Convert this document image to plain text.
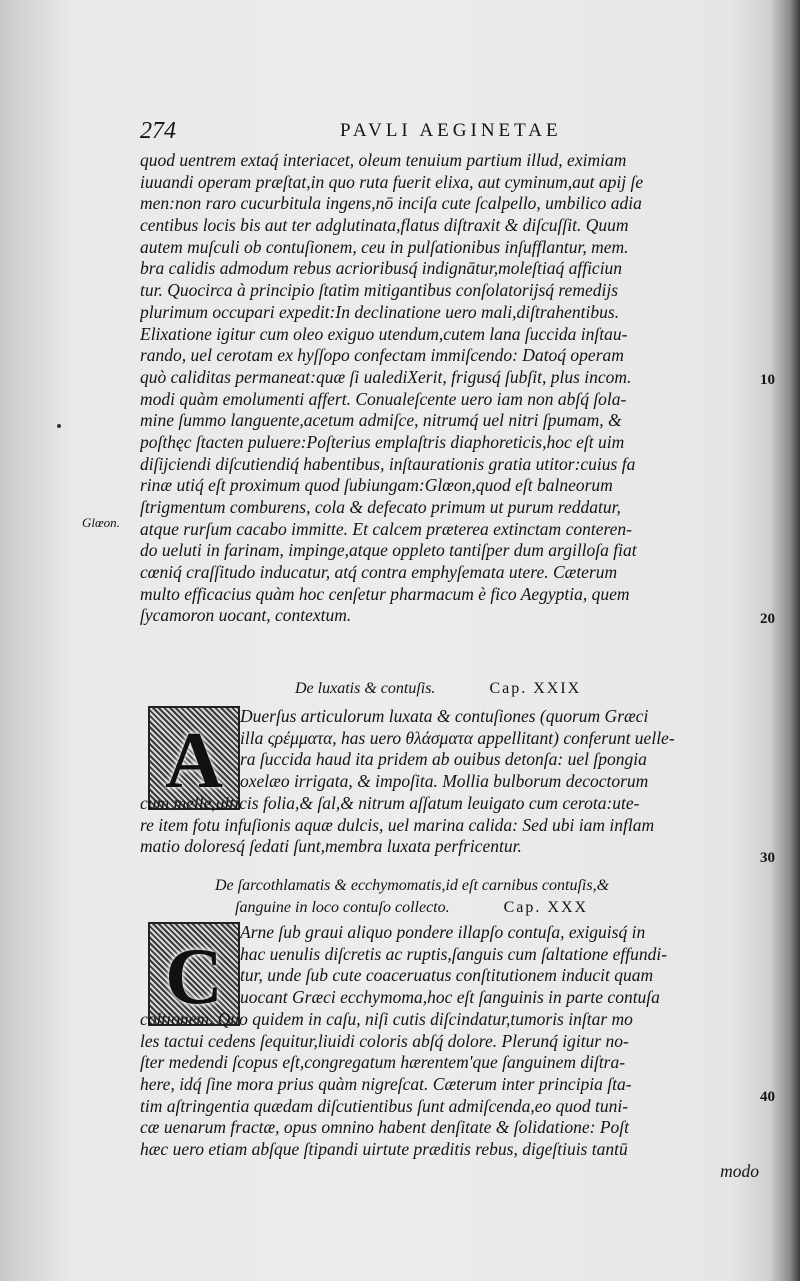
274	PAVLI AEGINETAE
Glœon.
10
20
30
40
quod uentrem extaq́ interiacet, oleum tenuium partium illud, eximiam
iuuandi operam præſtat,in quo ruta fuerit elixa, aut cyminum,aut apij ſe
men:non raro cucurbitula ingens,nō inciſa cute ſcalpello, umbilico adia
centibus locis bis aut ter adglutinata,flatus diſtraxit & diſcuſſit. Quum
autem muſculi ob contuſionem, ceu in pulſationibus inſufflantur, mem.
bra calidis admodum rebus acrioribusq́ indignātur,moleſtiaq́ afficiun
tur. Quocirca à principio ſtatim mitigantibus conſolatorijsq́ remedijs
plurimum occupari expedit:In declinatione uero mali,diſtrahentibus.
Elixatione igitur cum oleo exiguo utendum,cutem lana ſuccida inſtau-
rando, uel cerotam ex hyſſopo confectam immiſcendo: Datoq́ operam
quò caliditas permaneat:quæ ſi ualediXerit, frigusq́ ſubſit, plus incom.
modi quàm emolumenti affert. Conualeſcente uero iam non abſq́ ſola-
mine ſummo languente,acetum admiſce, nitrumq́ uel nitri ſpumam, &
poſthęc ſtacten puluere:Poſterius emplaſtris diaphoreticis,hoc eſt uim
diſijciendi diſcutiendiq́ habentibus, inſtaurationis gratia utitor:cuius fa
rinæ utiq́ eſt proximum quod ſubiungam:Glœon,quod eſt balneorum
ſtrigmentum comburens, cola & defecato primum ut purum reddatur,
atque rurſum cacabo immitte. Et calcem præterea extinctam conteren-
do ueluti in farinam, impinge,atque oppleto tantiſper dum argilloſa fiat
cœniq́ craſſitudo inducatur, atq́ contra emphyſemata utere. Cæterum
multo efficacius quàm hoc cenſetur pharmacum è fico Aegyptia, quem
ſycamoron uocant, contextum.
De luxatis & contuſis.	Cap. XXIX
A
Duerſus articulorum luxata & contuſiones (quorum Græci
illa ςρέμματα, has uero θλάσματα appellitant) conferunt uelle-
ra ſuccida haud ita pridem ab ouibus detonſa: uel ſpongia
oxelæo irrigata, & impoſita. Mollia bulborum decoctorum
cum melle,uiticis folia,& ſal,& nitrum aſſatum leuigato cum cerota:ute-
re item fotu infuſionis aquæ dulcis, uel marina calida: Sed ubi iam inflam
matio doloresq́ ſedati ſunt,membra luxata perfricentur.
De ſarcothlamatis & ecchymomatis,id eſt carnibus contuſis,&
ſanguine in loco contuſo collecto.	Cap. XXX
C
Arne ſub graui aliquo pondere illapſo contuſa, exiguisq́ in
hac uenulis diſcretis ac ruptis,ſanguis cum ſaltatione effundi-
tur, unde ſub cute coaceruatus conſtitutionem inducit quam
uocant Græci ecchymoma,hoc eſt ſanguinis in parte contuſa
coitionem. Quo quidem in caſu, niſi cutis diſcindatur,tumoris inſtar mo
les tactui cedens ſequitur,liuidi coloris abſq́ dolore. Plerunq́ igitur no-
ſter medendi ſcopus eſt,congregatum hærentem'que ſanguinem diſtra-
here, idq́ ſine mora prius quàm nigreſcat. Cæterum inter principia ſta-
tim aſtringentia quædam diſcutientibus ſunt admiſcenda,eo quod tuni-
cæ uenarum fractæ, opus omnino habent denſitate & ſolidatione: Poſt
hæc uero etiam abſque ſtipandi uirtute præditis rebus, digeſtiuis tantū
modo
